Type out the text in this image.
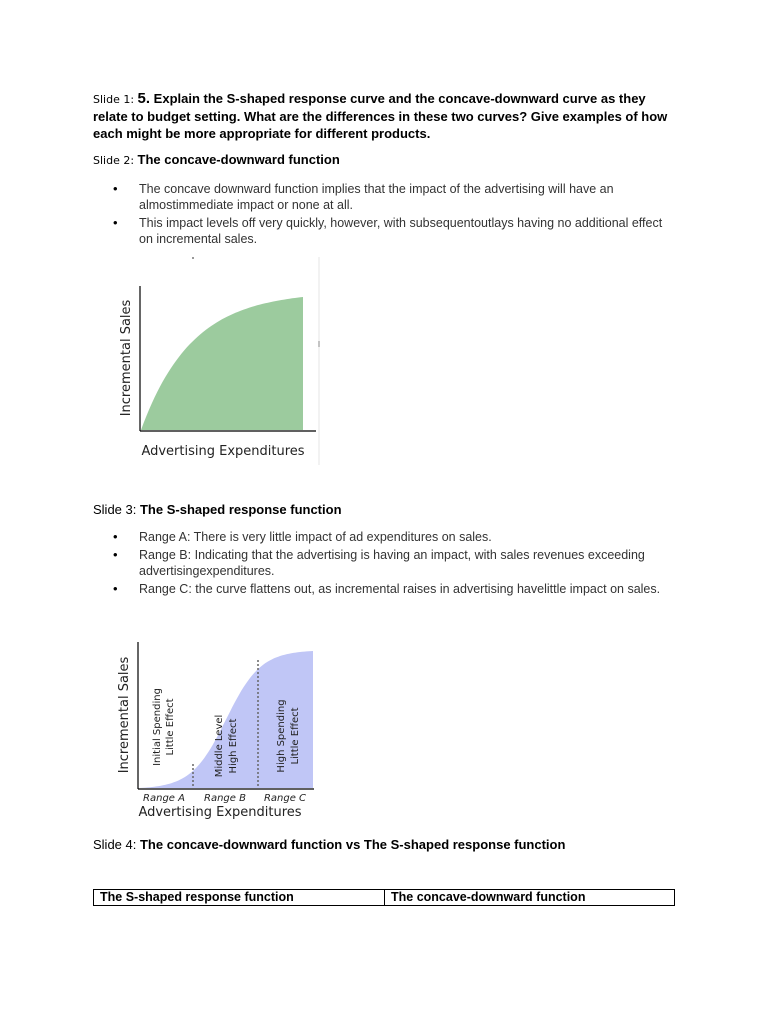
Slide 1: 5. Explain the S-shaped response curve and the concave-downward curve as they relate to budget setting. What are the differences in these two curves? Give examples of how each might be more appropriate for different products.
Slide 2: The concave-downward function
• The concave downward function implies that the impact of the advertising will have an almostimmediate impact or none at all.
• This impact levels off very quickly, however, with subsequentoutlays having no additional effect on incremental sales.
Incremental Sales
Advertising Expenditures
Slide 3: The S-shaped response function
• Range A: There is very little impact of ad expenditures on sales.
• Range B: Indicating that the advertising is having an impact, with sales revenues exceeding advertisingexpenditures.
• Range C: the curve flattens out, as incremental raises in advertising havelittle impact on sales.
Incremental Sales Initial Spending Little Effect	Middle Level High Effect	High Spending Little Effect
Range A Range B Range C
Advertising Expenditures
Slide 4: The concave-downward function vs The S-shaped response function
The S-shaped response function	The concave-downward function
